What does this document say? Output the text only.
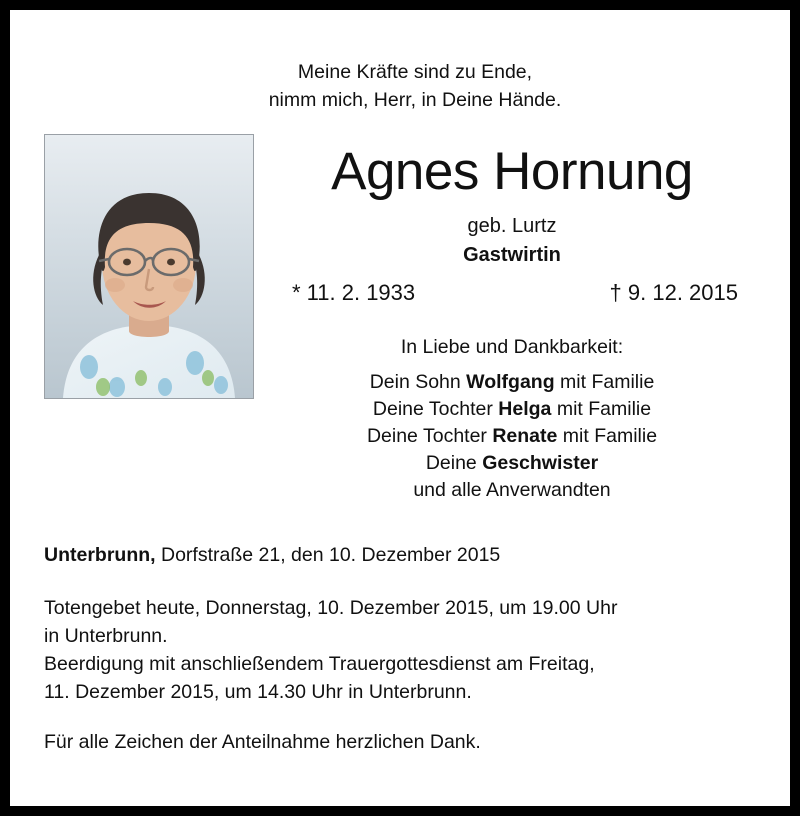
Meine Kräfte sind zu Ende,
nimm mich, Herr, in Deine Hände.
Agnes Hornung
geb. Lurtz
Gastwirtin
* 11. 2. 1933	† 9. 12. 2015
In Liebe und Dankbarkeit:
Dein Sohn Wolfgang mit Familie
Deine Tochter Helga mit Familie
Deine Tochter Renate mit Familie
Deine Geschwister
und alle Anverwandten
Unterbrunn, Dorfstraße 21, den 10. Dezember 2015

Totengebet heute, Donnerstag, 10. Dezember 2015, um 19.00 Uhr

in Unterbrunn.

Beerdigung mit anschließendem Trauergottesdienst am Freitag,

11. Dezember 2015, um 14.30 Uhr in Unterbrunn.

Für alle Zeichen der Anteilnahme herzlichen Dank.
